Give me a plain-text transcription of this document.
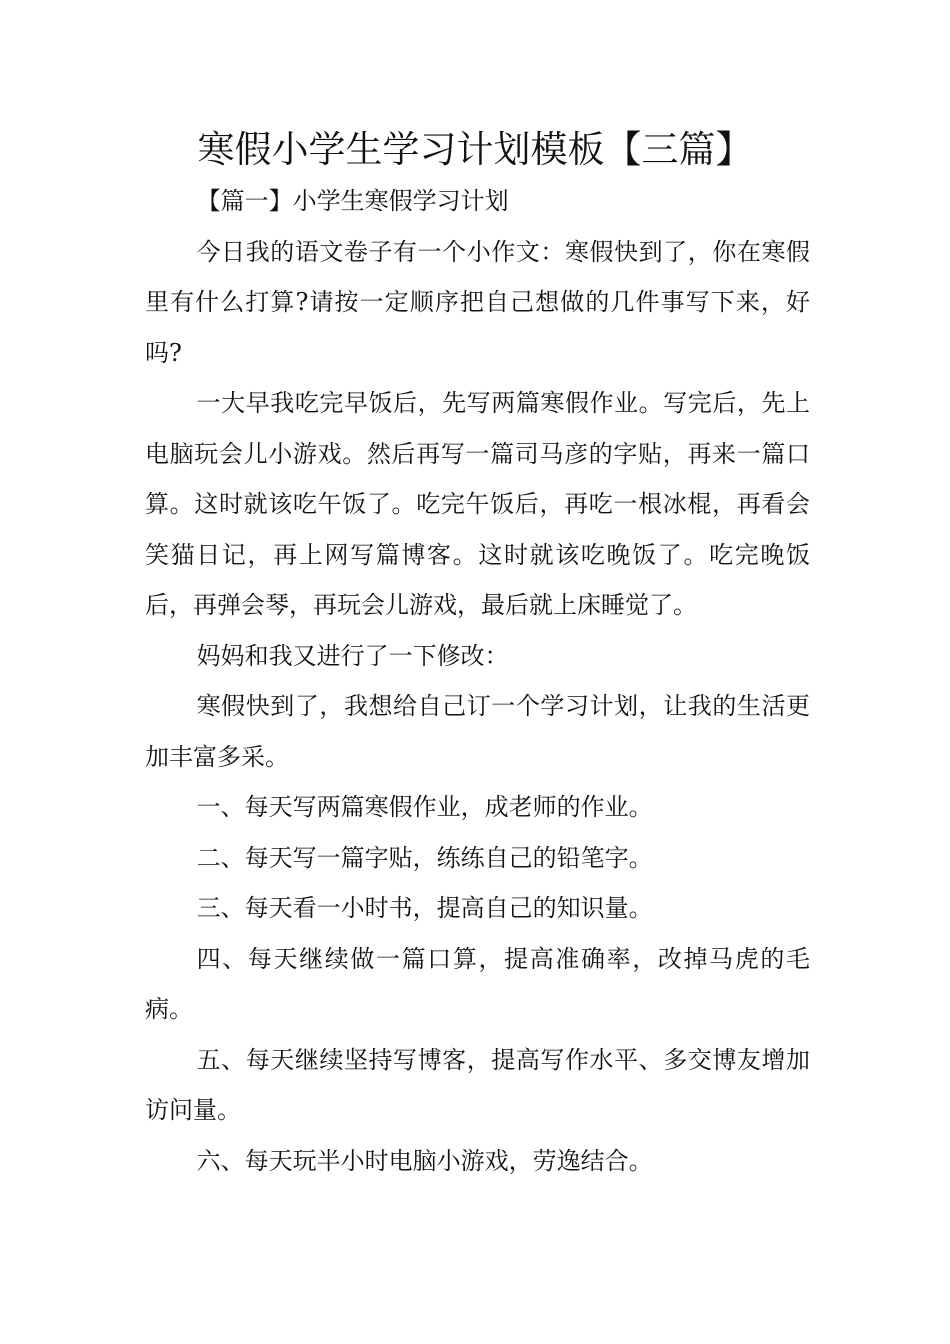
寒假小学生学习计划模板【三篇】

【篇一】小学生寒假学习计划

今日我的语文卷子有一个小作文：寒假快到了，你在寒假里有什么打算?请按一定顺序把自己想做的几件事写下来，好吗?

一大早我吃完早饭后，先写两篇寒假作业。写完后，先上电脑玩会儿小游戏。然后再写一篇司马彦的字贴，再来一篇口算。这时就该吃午饭了。吃完午饭后，再吃一根冰棍，再看会笑猫日记，再上网写篇博客。这时就该吃晚饭了。吃完晚饭后，再弹会琴，再玩会儿游戏，最后就上床睡觉了。

妈妈和我又进行了一下修改：

寒假快到了，我想给自己订一个学习计划，让我的生活更加丰富多采。

一、每天写两篇寒假作业，成老师的作业。

二、每天写一篇字贴，练练自己的铅笔字。

三、每天看一小时书，提高自己的知识量。

四、每天继续做一篇口算，提高准确率，改掉马虎的毛病。

五、每天继续坚持写博客，提高写作水平、多交博友增加访问量。

六、每天玩半小时电脑小游戏，劳逸结合。
